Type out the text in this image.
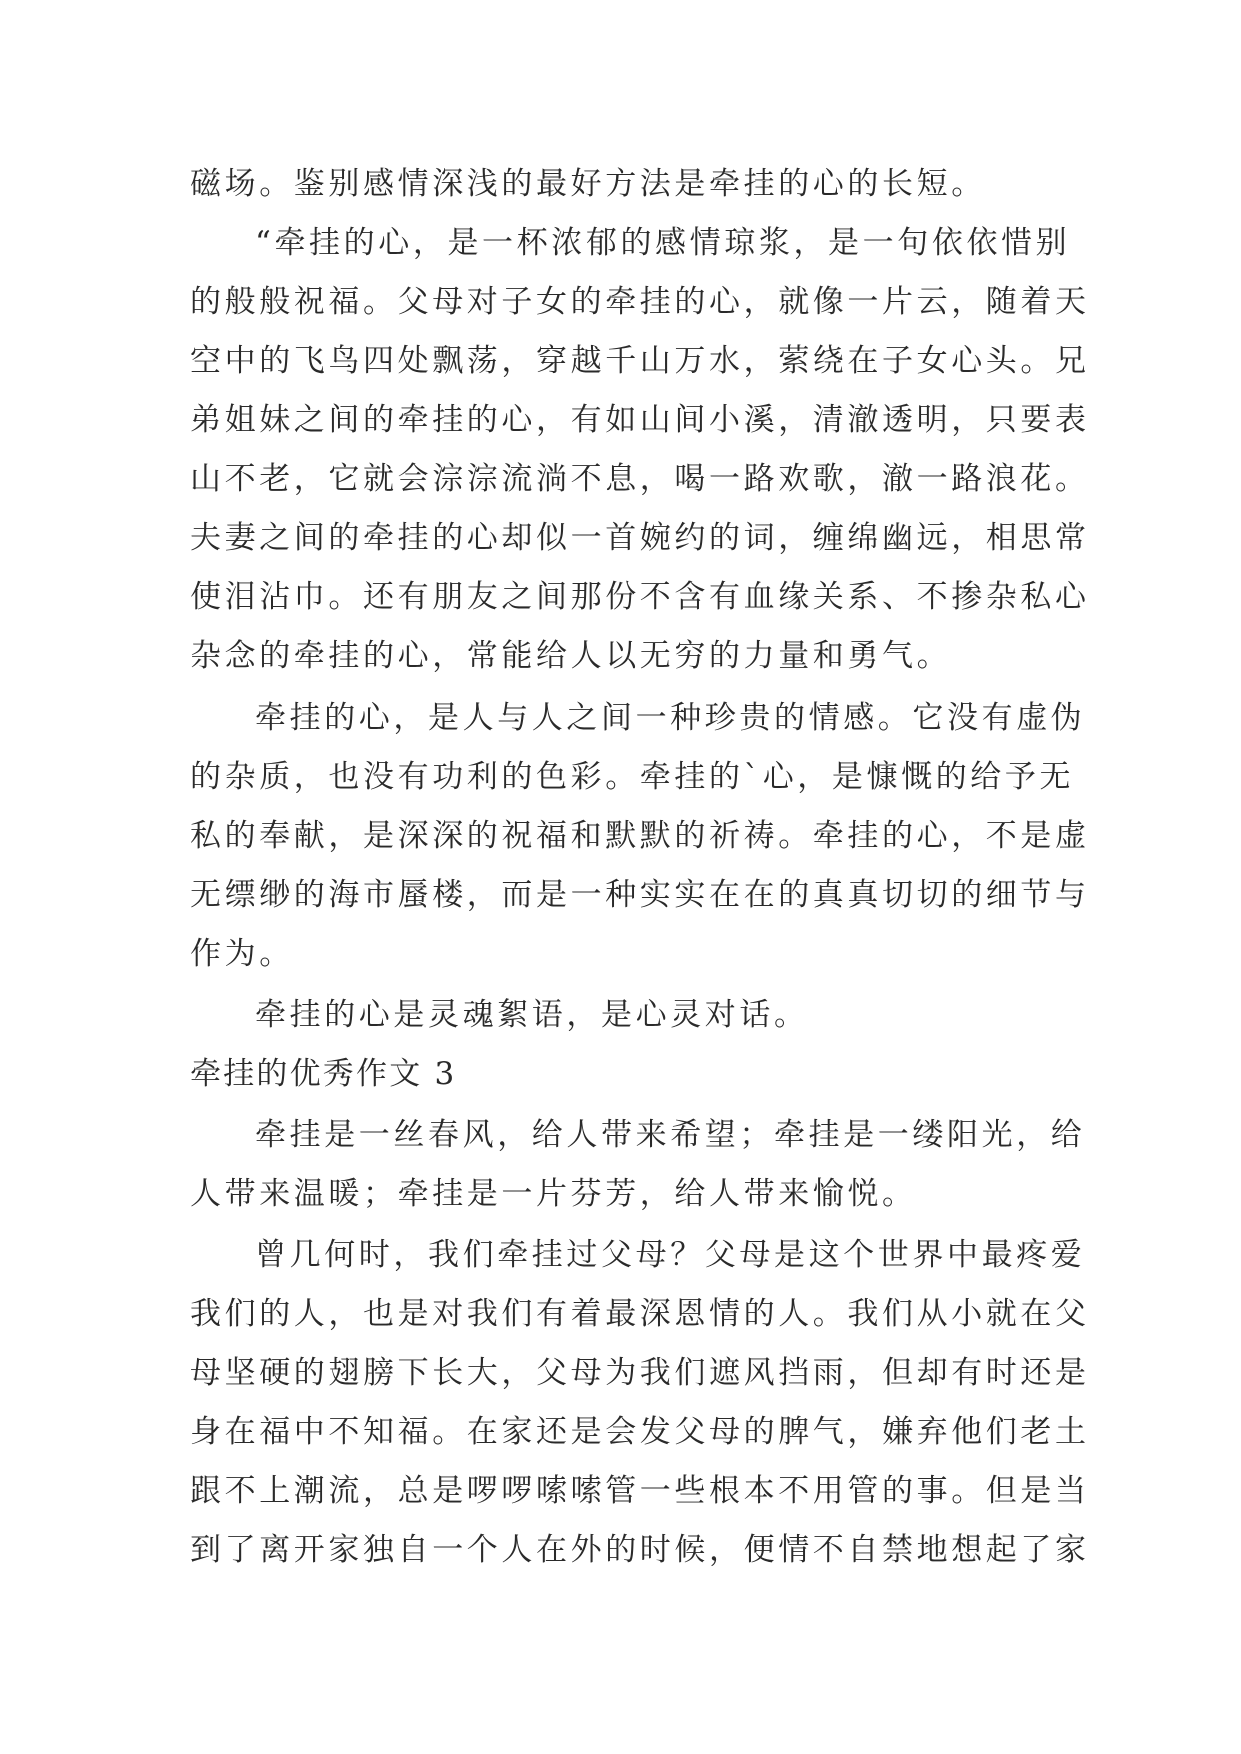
磁场。鉴别感情深浅的最好方法是牵挂的心的长短。
“牵挂的心，是一杯浓郁的感情琼浆，是一句依依惜别
的般般祝福。父母对子女的牵挂的心，就像一片云，随着天
空中的飞鸟四处飘荡，穿越千山万水，萦绕在子女心头。兄
弟姐妹之间的牵挂的心，有如山间小溪，清澈透明，只要表
山不老，它就会淙淙流淌不息，喝一路欢歌，澈一路浪花。
夫妻之间的牵挂的心却似一首婉约的词，缠绵幽远，相思常
使泪沾巾。还有朋友之间那份不含有血缘关系、不掺杂私心
杂念的牵挂的心，常能给人以无穷的力量和勇气。
牵挂的心，是人与人之间一种珍贵的情感。它没有虚伪
的杂质，也没有功利的色彩。牵挂的`心，是慷慨的给予无
私的奉献，是深深的祝福和默默的祈祷。牵挂的心，不是虚
无缥缈的海市蜃楼，而是一种实实在在的真真切切的细节与
作为。
牵挂的心是灵魂絮语，是心灵对话。
牵挂的优秀作文 3
牵挂是一丝春风，给人带来希望；牵挂是一缕阳光，给
人带来温暖；牵挂是一片芬芳，给人带来愉悦。
曾几何时，我们牵挂过父母？父母是这个世界中最疼爱
我们的人，也是对我们有着最深恩情的人。我们从小就在父
母坚硬的翅膀下长大，父母为我们遮风挡雨，但却有时还是
身在福中不知福。在家还是会发父母的脾气，嫌弃他们老土
跟不上潮流，总是啰啰嗦嗦管一些根本不用管的事。但是当
到了离开家独自一个人在外的时候，便情不自禁地想起了家
